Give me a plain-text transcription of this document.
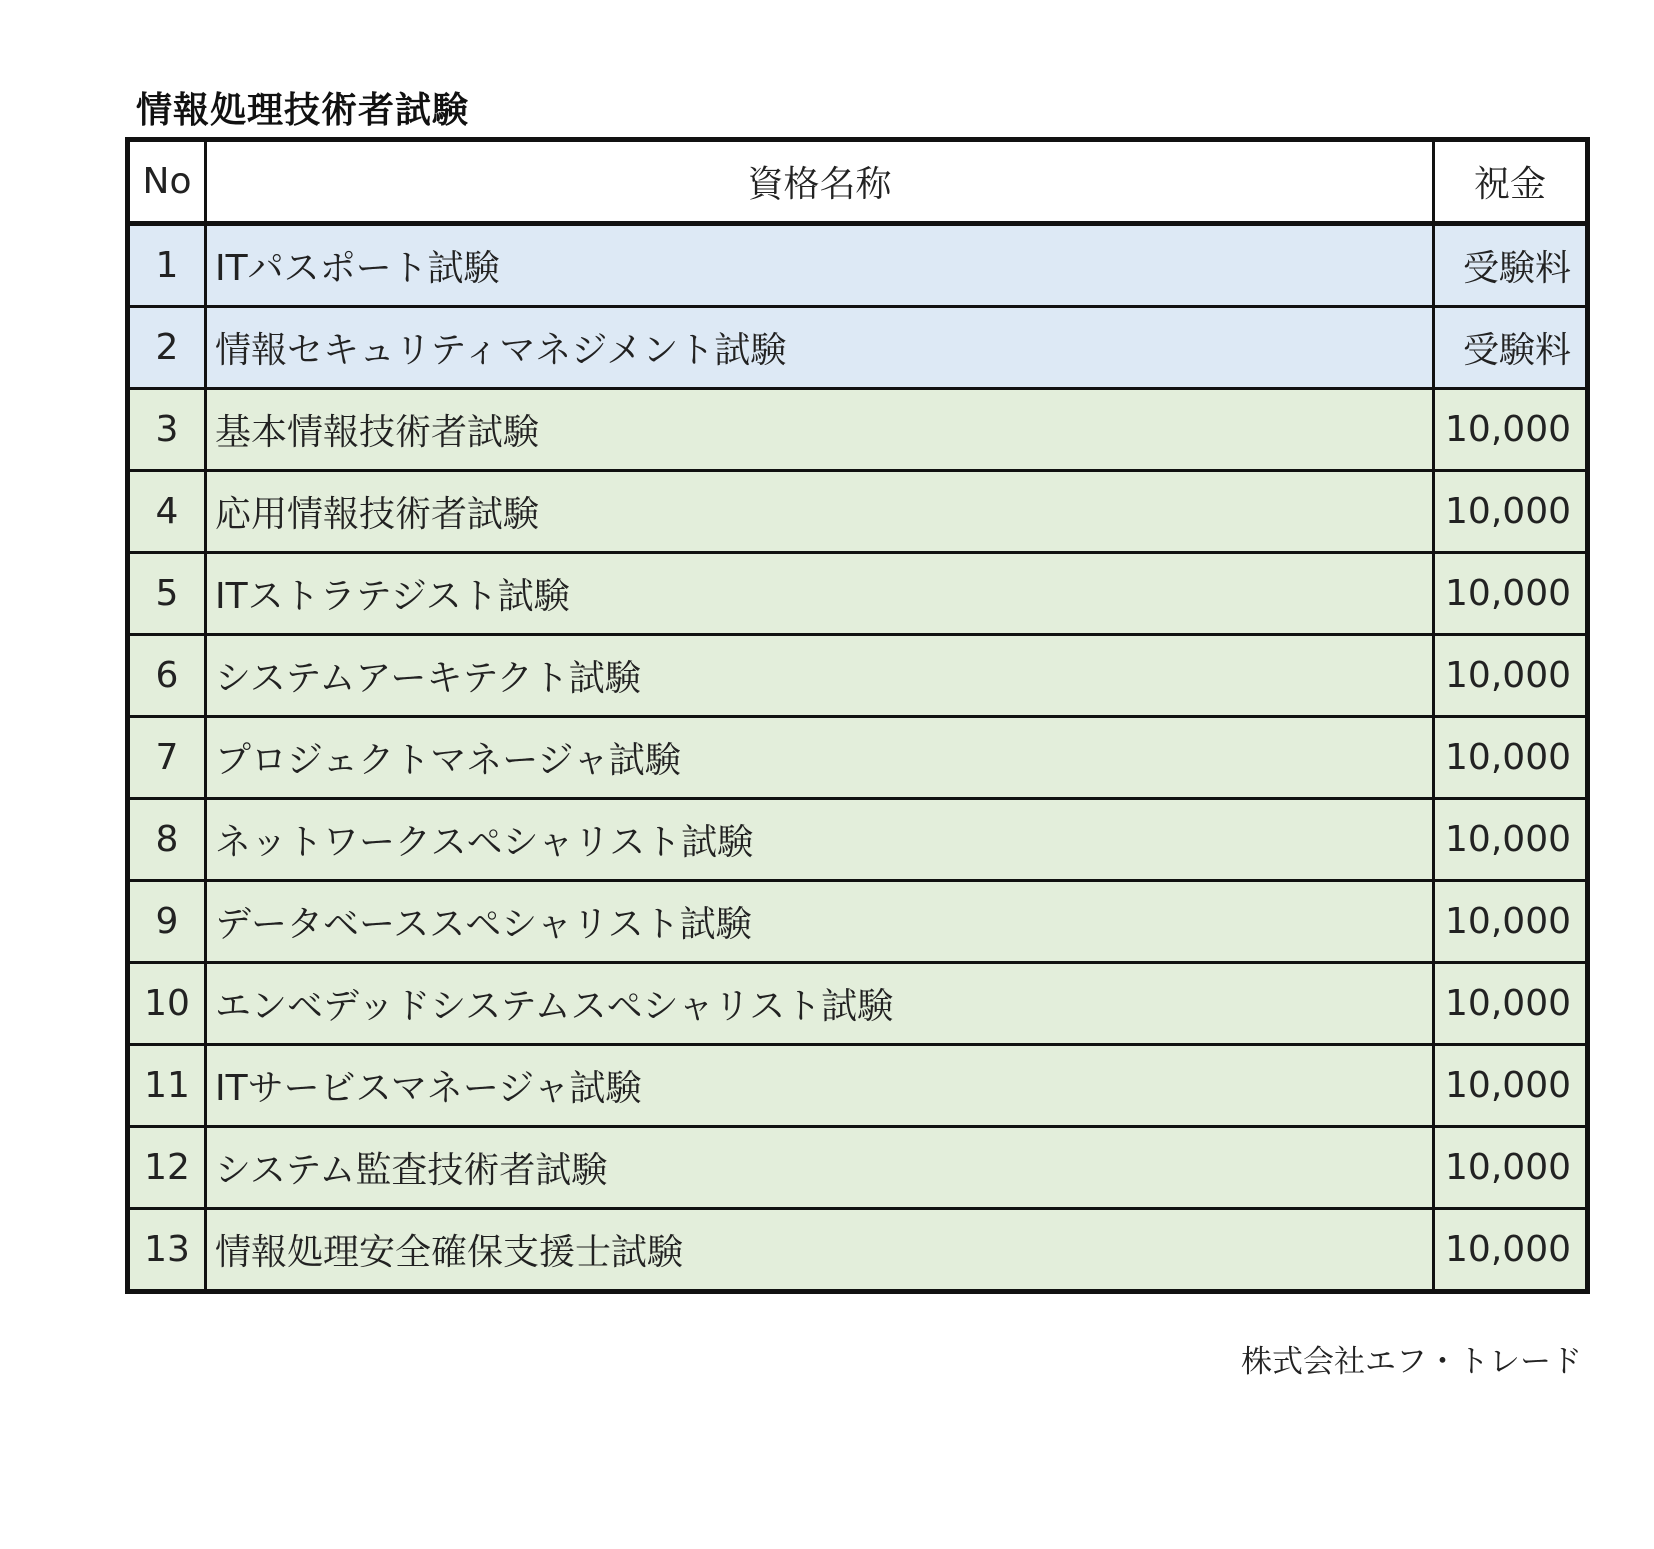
情報処理技術者試験
No	資格名称	祝金
1	ITパスポート試験	受験料
2	情報セキュリティマネジメント試験	受験料
3	基本情報技術者試験	10,000
4	応用情報技術者試験	10,000
5	ITストラテジスト試験	10,000
6	システムアーキテクト試験	10,000
7	プロジェクトマネージャ試験	10,000
8	ネットワークスペシャリスト試験	10,000
9	データベーススペシャリスト試験	10,000
10	エンベデッドシステムスペシャリスト試験	10,000
11	ITサービスマネージャ試験	10,000
12	システム監査技術者試験	10,000
13	情報処理安全確保支援士試験	10,000
株式会社エフ・トレード
